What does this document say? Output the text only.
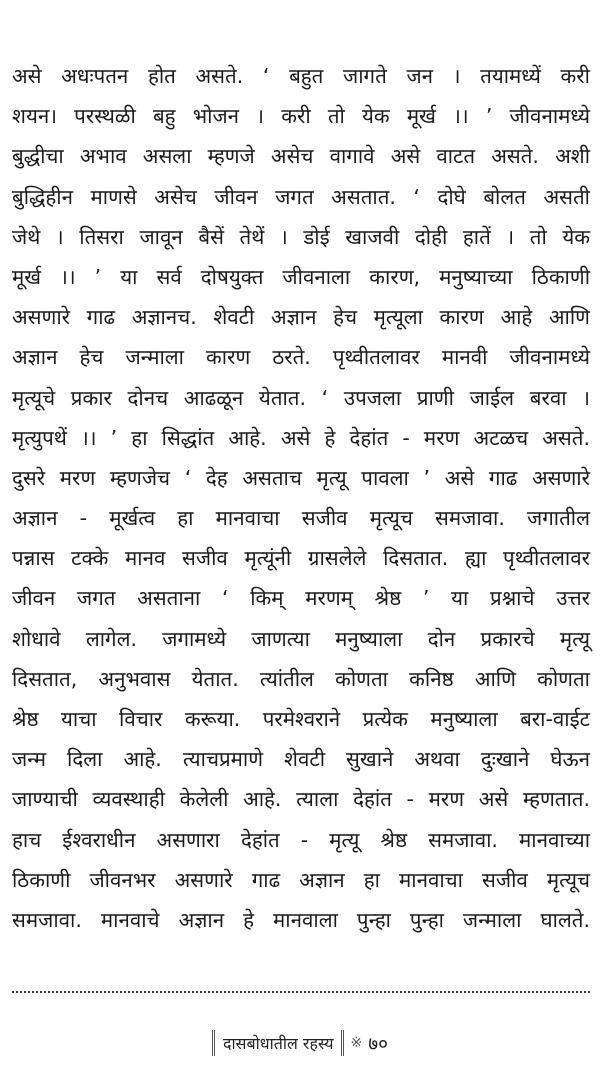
असे अधःपतन होत असते. ‘ बहुत जागते जन । तयामध्यें करी
शयन। परस्थळी बहु भोजन । करी तो येक मूर्ख ।। ’ जीवनामध्ये
बुद्धीचा अभाव असला म्हणजे असेच वागावे असे वाटत असते. अशी
बुद्धिहीन माणसे असेच जीवन जगत असतात. ‘ दोघे बोलत असती
जेथे । तिसरा जावून बैसें तेथें । डोई खाजवी दोही हातें । तो येक
मूर्ख ।। ’ या सर्व दोषयुक्त जीवनाला कारण, मनुष्याच्या ठिकाणी
असणारे गाढ अज्ञानच. शेवटी अज्ञान हेच मृत्यूला कारण आहे आणि
अज्ञान हेच जन्माला कारण ठरते. पृथ्वीतलावर मानवी जीवनामध्ये
मृत्यूचे प्रकार दोनच आढळून येतात. ‘ उपजला प्राणी जाईल बरवा ।
मृत्युपथें ।। ’ हा सिद्धांत आहे. असे हे देहांत - मरण अटळच असते.
दुसरे मरण म्हणजेच ‘ देह असताच मृत्यू पावला ’ असे गाढ असणारे
अज्ञान - मूर्खत्व हा मानवाचा सजीव मृत्यूच समजावा. जगातील
पन्नास टक्के मानव सजीव मृत्यूंनी ग्रासलेले दिसतात. ह्या पृथ्वीतलावर
जीवन जगत असताना ‘ किम् मरणम् श्रेष्ठ ’ या प्रश्नाचे उत्तर
शोधावे लागेल. जगामध्ये जाणत्या मनुष्याला दोन प्रकारचे मृत्यू
दिसतात, अनुभवास येतात. त्यांतील कोणता कनिष्ठ आणि कोणता
श्रेष्ठ याचा विचार करूया. परमेश्वराने प्रत्येक मनुष्याला बरा-वाईट
जन्म दिला आहे. त्याचप्रमाणे शेवटी सुखाने अथवा दुःखाने घेऊन
जाण्याची व्यवस्थाही केलेली आहे. त्याला देहांत - मरण असे म्हणतात.
हाच ईश्वराधीन असणारा देहांत - मृत्यू श्रेष्ठ समजावा. मानवाच्या
ठिकाणी जीवनभर असणारे गाढ अज्ञान हा मानवाचा सजीव मृत्यूच
समजावा. मानवाचे अज्ञान हे मानवाला पुन्हा पुन्हा जन्माला घालते.
दासबोधातील रहस्य	※ ७०
